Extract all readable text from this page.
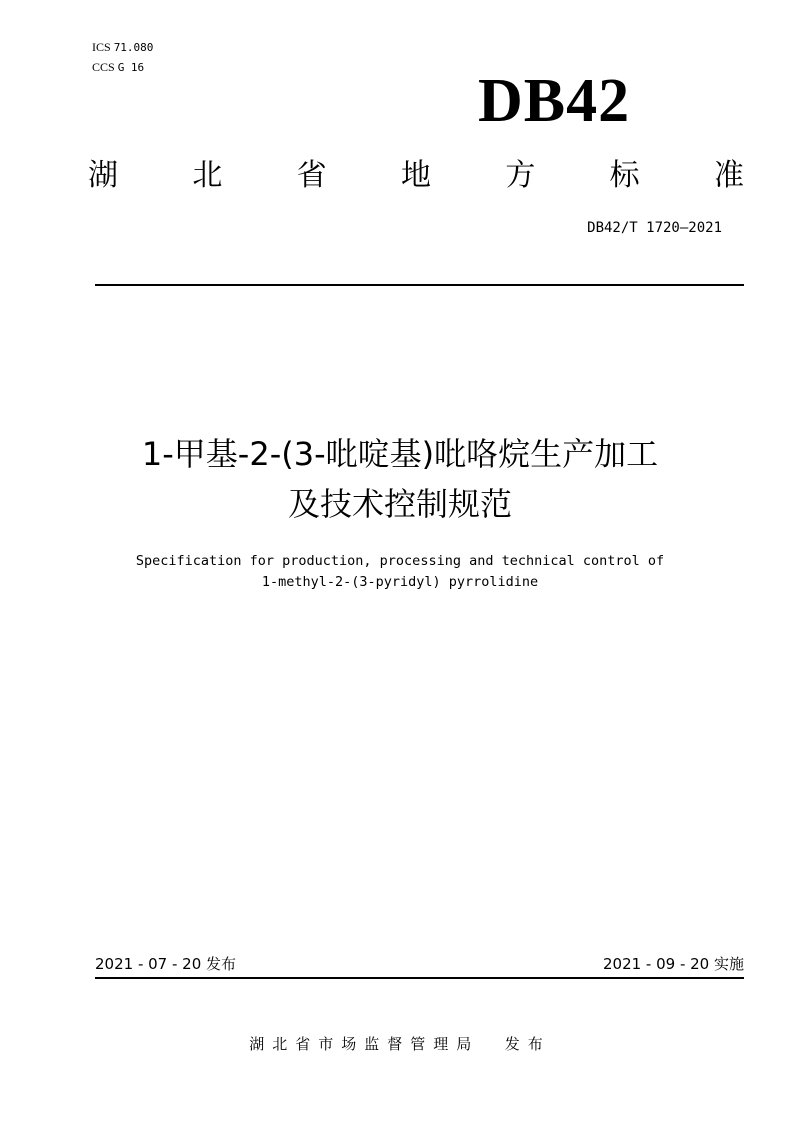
ICS 71.080
CCS G 16	DB42
湖 北 省 地 方 标 准
DB42/T 1720—2021
1-甲基-2-(3-吡啶基)吡咯烷生产加工
及技术控制规范
Specification for production, processing and technical control of
1-methyl-2-(3-pyridyl) pyrrolidine
2021 - 07 - 20 发布	2021 - 09 - 20 实施
湖北省市场监督管理局  发布
